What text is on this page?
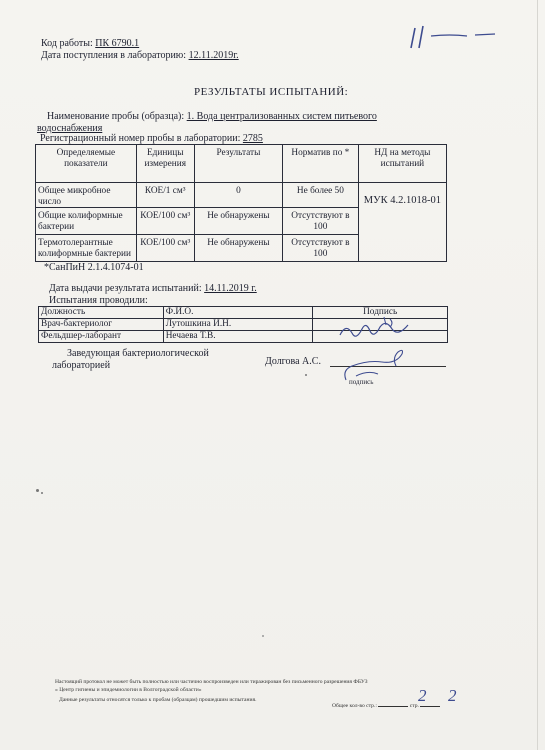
Код работы: ПК 6790.1
Дата поступления в лабораторию: 12.11.2019г.
РЕЗУЛЬТАТЫ ИСПЫТАНИЙ:
Наименование пробы (образца): 1. Вода централизованных систем питьевого
водоснабжения
Регистрационный номер пробы в лаборатории: 2785
Определяемые показатели	Единицы измерения	Результаты	Норматив по *	НД на методы испытаний
Общее микробное число	КОЕ/1 см³	0	Не более 50	МУК 4.2.1018-01
Общие колиформные бактерии	КОЕ/100 см³	Не обнаружены	Отсутствуют в 100	
Термотолерантные колиформные бактерии	КОЕ/100 см³	Не обнаружены	Отсутствуют в 100	
*СанПиН 2.1.4.1074-01
Дата выдачи результата испытаний: 14.11.2019 г.
Испытания проводили:
Должность	Ф.И.О.	Подпись
Врач-бактериолог	Лутошкина И.Н.	
Фельдшер-лаборант	Нечаева Т.В.	
Заведующая бактериологической
лабораторией	Долгова А.С.
подпись
Настоящий протокол не может быть полностью или частично воспроизведен или тиражирован без письменного разрешения ФБУЗ
« Центр гигиены и эпидемиологии в Волгоградской области»
Данные результаты относятся только к пробам (образцам) прошедшим испытания.
Общее кол-во стр.:	стр.
2 2
